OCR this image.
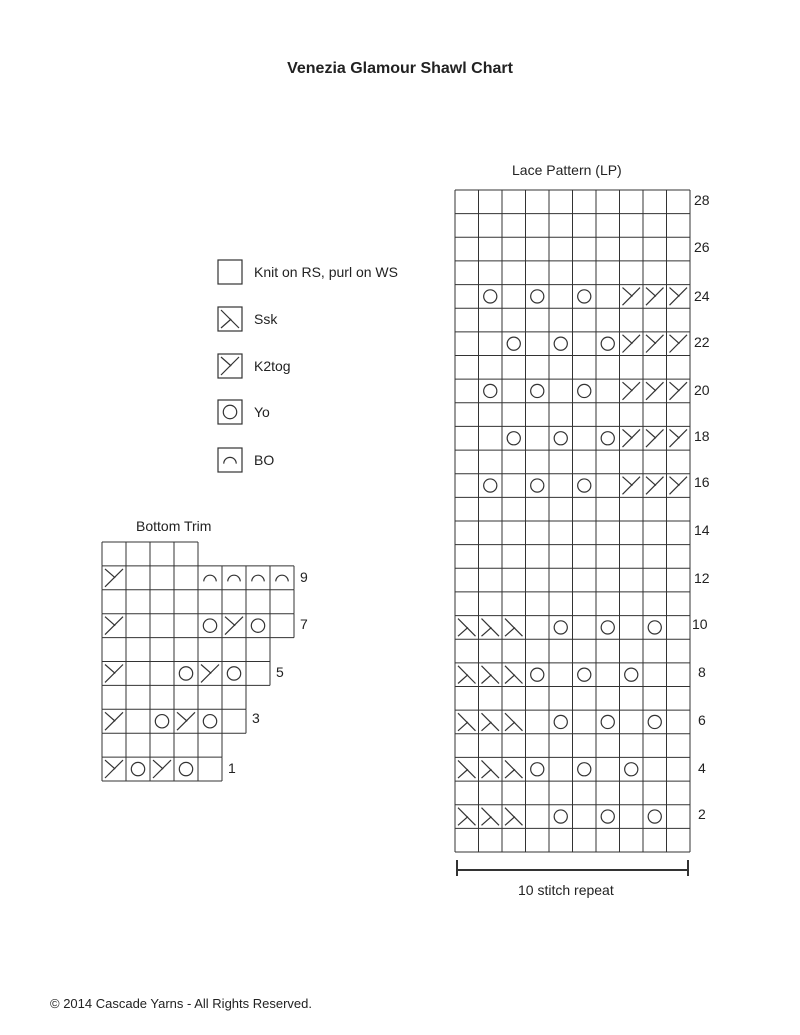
Venezia Glamour Shawl Chart
Knit on RS, purl on WS
Ssk
K2tog
Yo
BO
Lace Pattern (LP)
10 stitch repeat
28
26
24
22
20
18
16
14
12
10
8
6
4
2
Bottom Trim
9
7
5
3
1
© 2014 Cascade Yarns - All Rights Reserved.
